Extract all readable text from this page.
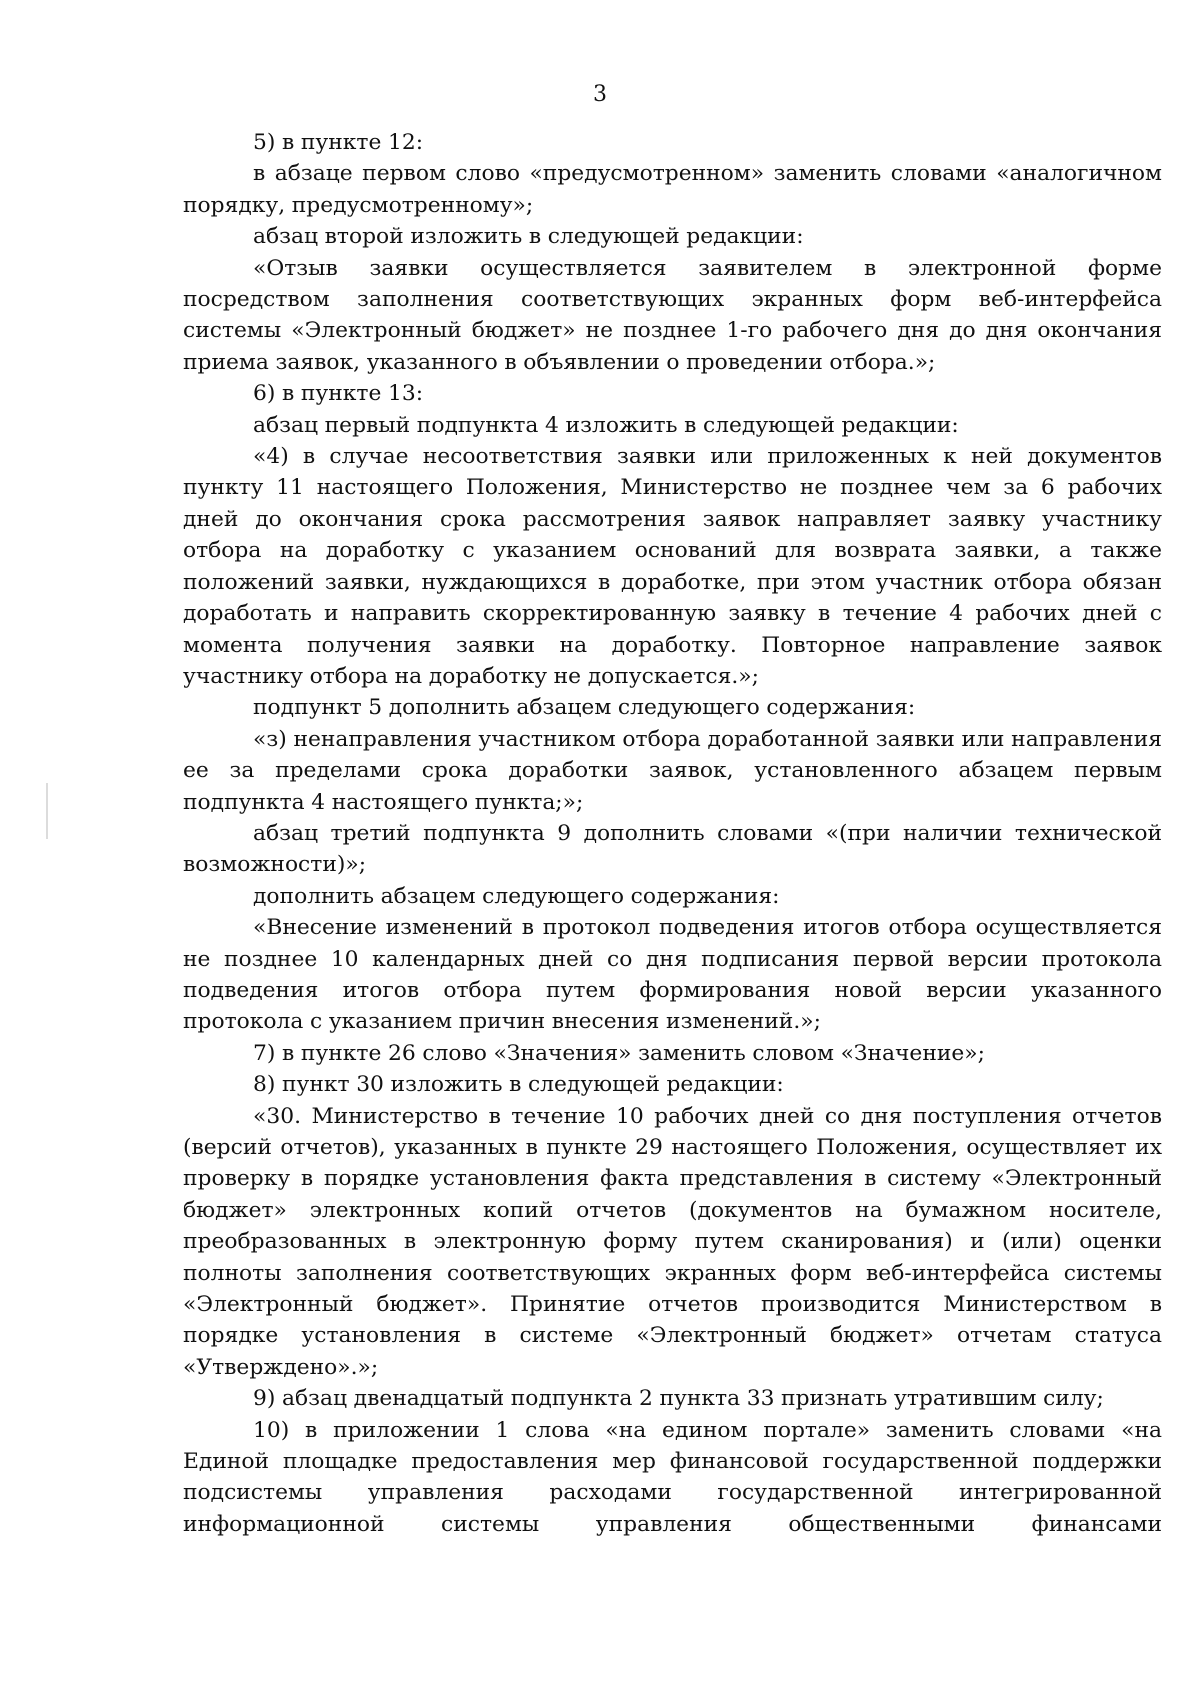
3

5) в пункте 12:

в абзаце первом слово «предусмотренном» заменить словами «аналогичном порядку, предусмотренному»;

абзац второй изложить в следующей редакции:

«Отзыв заявки осуществляется заявителем в электронной форме посредством заполнения соответствующих экранных форм веб-интерфейса системы «Электронный бюджет» не позднее 1-го рабочего дня до дня окончания приема заявок, указанного в объявлении о проведении отбора.»;

6) в пункте 13:

абзац первый подпункта 4 изложить в следующей редакции:

«4) в случае несоответствия заявки или приложенных к ней документов пункту 11 настоящего Положения, Министерство не позднее чем за 6 рабочих дней до окончания срока рассмотрения заявок направляет заявку участнику отбора на доработку с указанием оснований для возврата заявки, а также положений заявки, нуждающихся в доработке, при этом участник отбора обязан доработать и направить скорректированную заявку в течение 4 рабочих дней с момента получения заявки на доработку. Повторное направление заявок участнику отбора на доработку не допускается.»;

подпункт 5 дополнить абзацем следующего содержания:

«з) ненаправления участником отбора доработанной заявки или направления ее за пределами срока доработки заявок, установленного абзацем первым подпункта 4 настоящего пункта;»;

абзац третий подпункта 9 дополнить словами «(при наличии технической возможности)»;

дополнить абзацем следующего содержания:

«Внесение изменений в протокол подведения итогов отбора осуществляется не позднее 10 календарных дней со дня подписания первой версии протокола подведения итогов отбора путем формирования новой версии указанного протокола с указанием причин внесения изменений.»;

7) в пункте 26 слово «Значения» заменить словом «Значение»;

8) пункт 30 изложить в следующей редакции:

«30. Министерство в течение 10 рабочих дней со дня поступления отчетов (версий отчетов), указанных в пункте 29 настоящего Положения, осуществляет их проверку в порядке установления факта представления в систему «Электронный бюджет» электронных копий отчетов (документов на бумажном носителе, преобразованных в электронную форму путем сканирования) и (или) оценки полноты заполнения соответствующих экранных форм веб-интерфейса системы «Электронный бюджет». Принятие отчетов производится Министерством в порядке установления в системе «Электронный бюджет» отчетам статуса «Утверждено».»;

9) абзац двенадцатый подпункта 2 пункта 33 признать утратившим силу;

10) в приложении 1 слова «на едином портале» заменить словами «на Единой площадке предоставления мер финансовой государственной поддержки подсистемы управления расходами государственной интегрированной информационной системы управления общественными финансами
